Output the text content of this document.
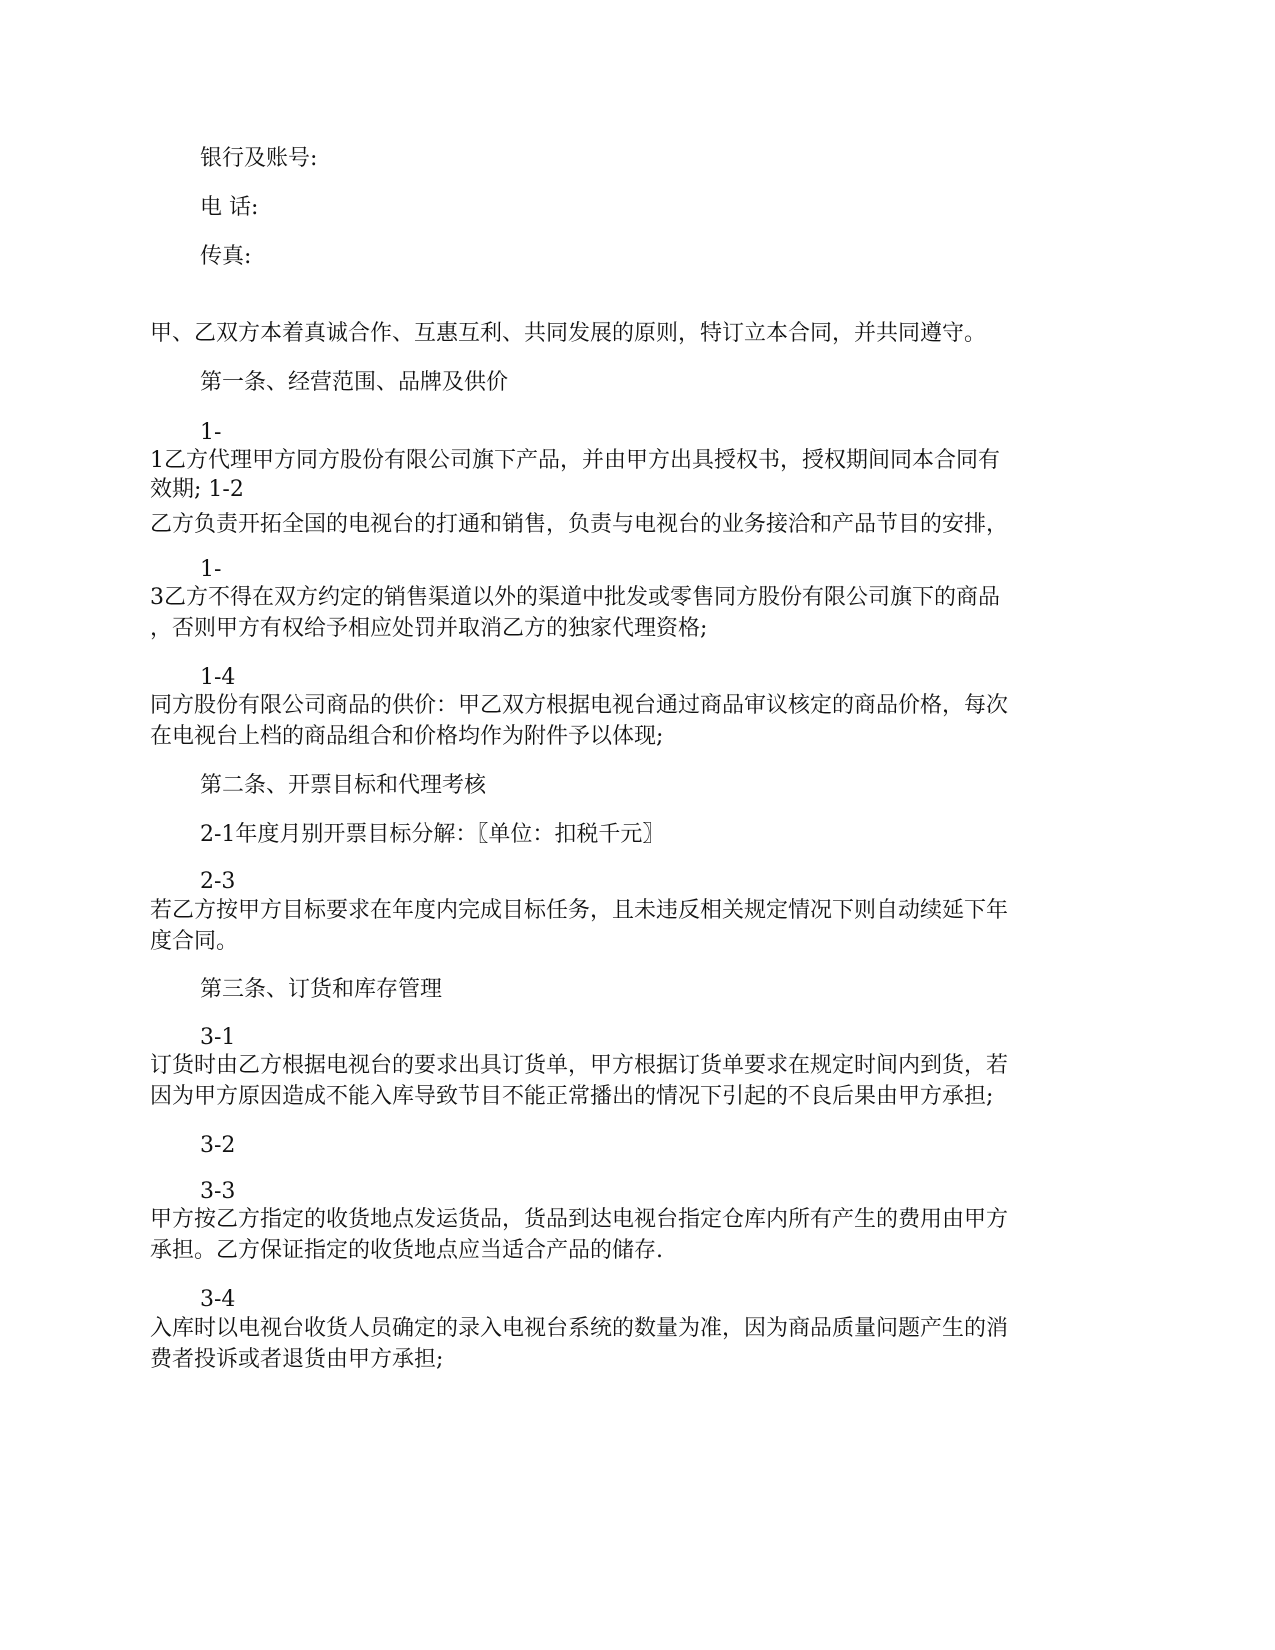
银行及账号:
电 话:
传真:
甲、乙双方本着真诚合作、互惠互利、共同发展的原则，特订立本合同，并共同遵守。
第一条、经营范围、品牌及供价
1-
1乙方代理甲方同方股份有限公司旗下产品，并由甲方出具授权书，授权期间同本合同有
效期; 1-2
乙方负责开拓全国的电视台的打通和销售，负责与电视台的业务接洽和产品节目的安排，
1-
3乙方不得在双方约定的销售渠道以外的渠道中批发或零售同方股份有限公司旗下的商品
，否则甲方有权给予相应处罚并取消乙方的独家代理资格;
1-4
同方股份有限公司商品的供价：甲乙双方根据电视台通过商品审议核定的商品价格，每次
在电视台上档的商品组合和价格均作为附件予以体现;
第二条、开票目标和代理考核
2-1年度月别开票目标分解：〖单位：扣税千元〗
2-3
若乙方按甲方目标要求在年度内完成目标任务，且未违反相关规定情况下则自动续延下年
度合同。
第三条、订货和库存管理
3-1
订货时由乙方根据电视台的要求出具订货单，甲方根据订货单要求在规定时间内到货，若
因为甲方原因造成不能入库导致节目不能正常播出的情况下引起的不良后果由甲方承担;
3-2
3-3
甲方按乙方指定的收货地点发运货品，货品到达电视台指定仓库内所有产生的费用由甲方
承担。乙方保证指定的收货地点应当适合产品的储存.
3-4
入库时以电视台收货人员确定的录入电视台系统的数量为准，因为商品质量问题产生的消
费者投诉或者退货由甲方承担;
